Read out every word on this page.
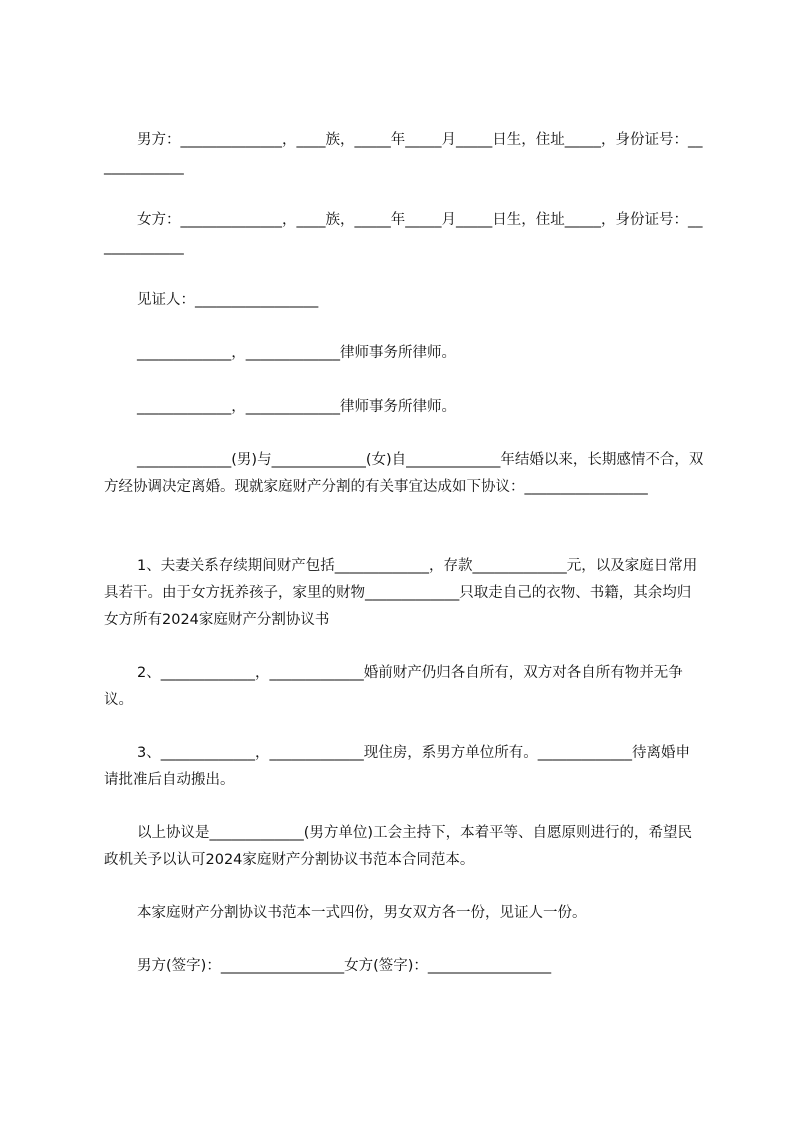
男方：______________，____族，_____年_____月_____日生，住址_____，身份证号：_____________

女方：______________，____族，_____年_____月_____日生，住址_____，身份证号：_____________

见证人：_________________

_____________，_____________律师事务所律师。

_____________，_____________律师事务所律师。

_____________(男)与_____________(女)自_____________年结婚以来，长期感情不合，双方经协调决定离婚。现就家庭财产分割的有关事宜达成如下协议：_________________

1、夫妻关系存续期间财产包括_____________，存款_____________元，以及家庭日常用具若干。由于女方抚养孩子，家里的财物_____________只取走自己的衣物、书籍，其余均归女方所有2024家庭财产分割协议书

2、_____________，_____________婚前财产仍归各自所有，双方对各自所有物并无争议。

3、_____________，_____________现住房，系男方单位所有。_____________待离婚申请批准后自动搬出。

以上协议是_____________(男方单位)工会主持下，本着平等、自愿原则进行的，希望民政机关予以认可2024家庭财产分割协议书范本合同范本。

本家庭财产分割协议书范本一式四份，男女双方各一份，见证人一份。

男方(签字)：_________________女方(签字)：_________________
